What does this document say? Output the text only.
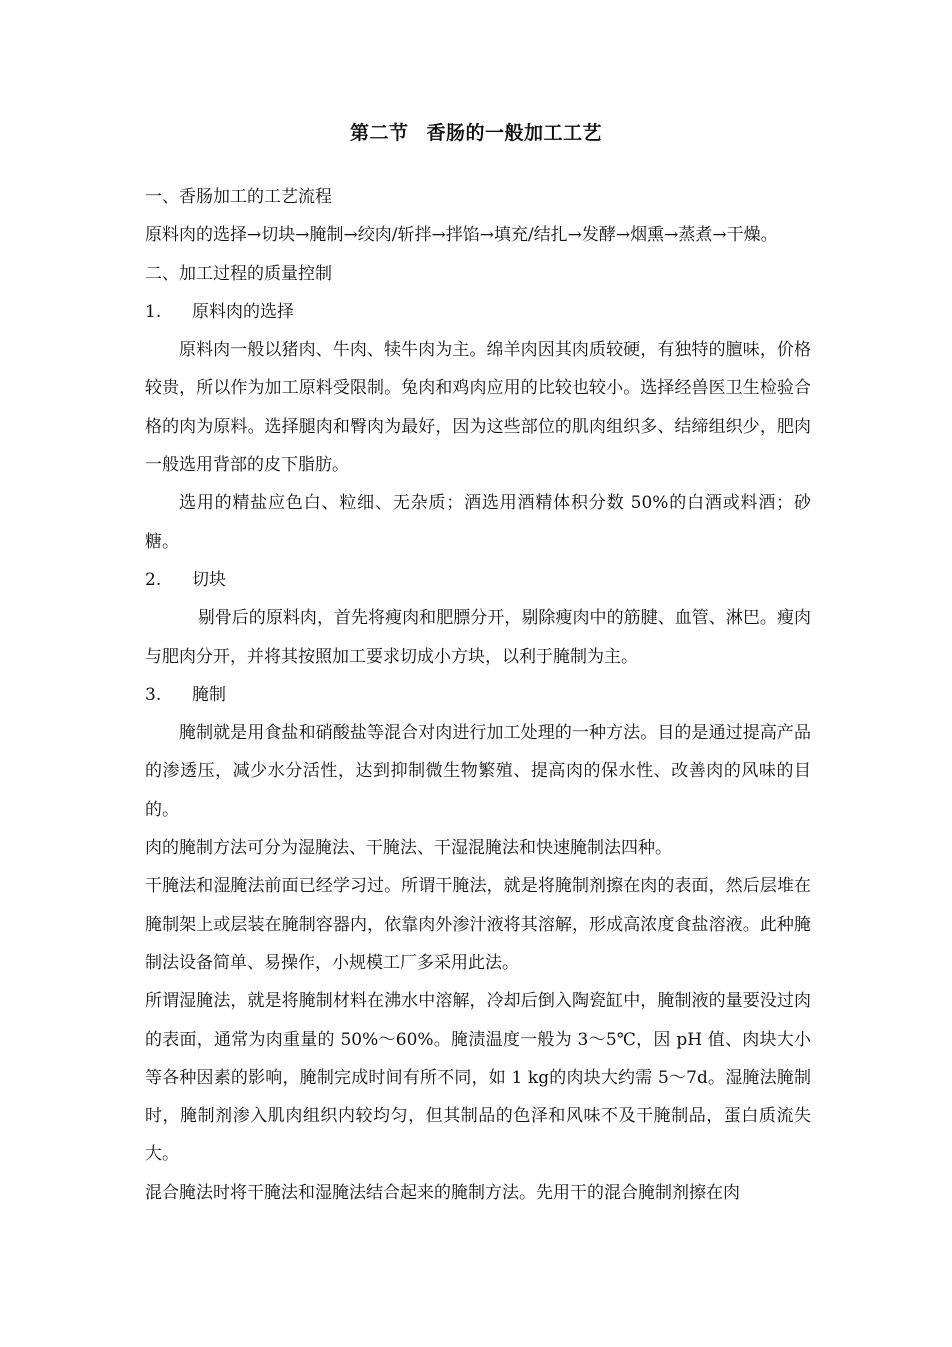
第二节 香肠的一般加工工艺

一、香肠加工的工艺流程

原料肉的选择→切块→腌制→绞肉/斩拌→拌馅→填充/结扎→发酵→烟熏→蒸煮→干燥。

二、加工过程的质量控制

1. 原料肉的选择

原料肉一般以猪肉、牛肉、犊牛肉为主。绵羊肉因其肉质较硬，有独特的膻味，价格较贵，所以作为加工原料受限制。兔肉和鸡肉应用的比较也较小。选择经兽医卫生检验合格的肉为原料。选择腿肉和臀肉为最好，因为这些部位的肌肉组织多、结缔组织少，肥肉一般选用背部的皮下脂肪。

选用的精盐应色白、粒细、无杂质；酒选用酒精体积分数 50%的白酒或料酒；砂糖。

2. 切块

剔骨后的原料肉，首先将瘦肉和肥膘分开，剔除瘦肉中的筋腱、血管、淋巴。瘦肉与肥肉分开，并将其按照加工要求切成小方块，以利于腌制为主。

3. 腌制

腌制就是用食盐和硝酸盐等混合对肉进行加工处理的一种方法。目的是通过提高产品的渗透压，减少水分活性，达到抑制微生物繁殖、提高肉的保水性、改善肉的风味的目的。

肉的腌制方法可分为湿腌法、干腌法、干湿混腌法和快速腌制法四种。

干腌法和湿腌法前面已经学习过。所谓干腌法，就是将腌制剂擦在肉的表面，然后层堆在腌制架上或层装在腌制容器内，依靠肉外渗汁液将其溶解，形成高浓度食盐溶液。此种腌制法设备简单、易操作，小规模工厂多采用此法。

所谓湿腌法，就是将腌制材料在沸水中溶解，冷却后倒入陶瓷缸中，腌制液的量要没过肉的表面，通常为肉重量的 50%～60%。腌渍温度一般为 3～5℃，因 pH 值、肉块大小等各种因素的影响，腌制完成时间有所不同，如 1 kg的肉块大约需 5～7d。湿腌法腌制时，腌制剂渗入肌肉组织内较均匀，但其制品的色泽和风味不及干腌制品，蛋白质流失大。

混合腌法时将干腌法和湿腌法结合起来的腌制方法。先用干的混合腌制剂擦在肉
